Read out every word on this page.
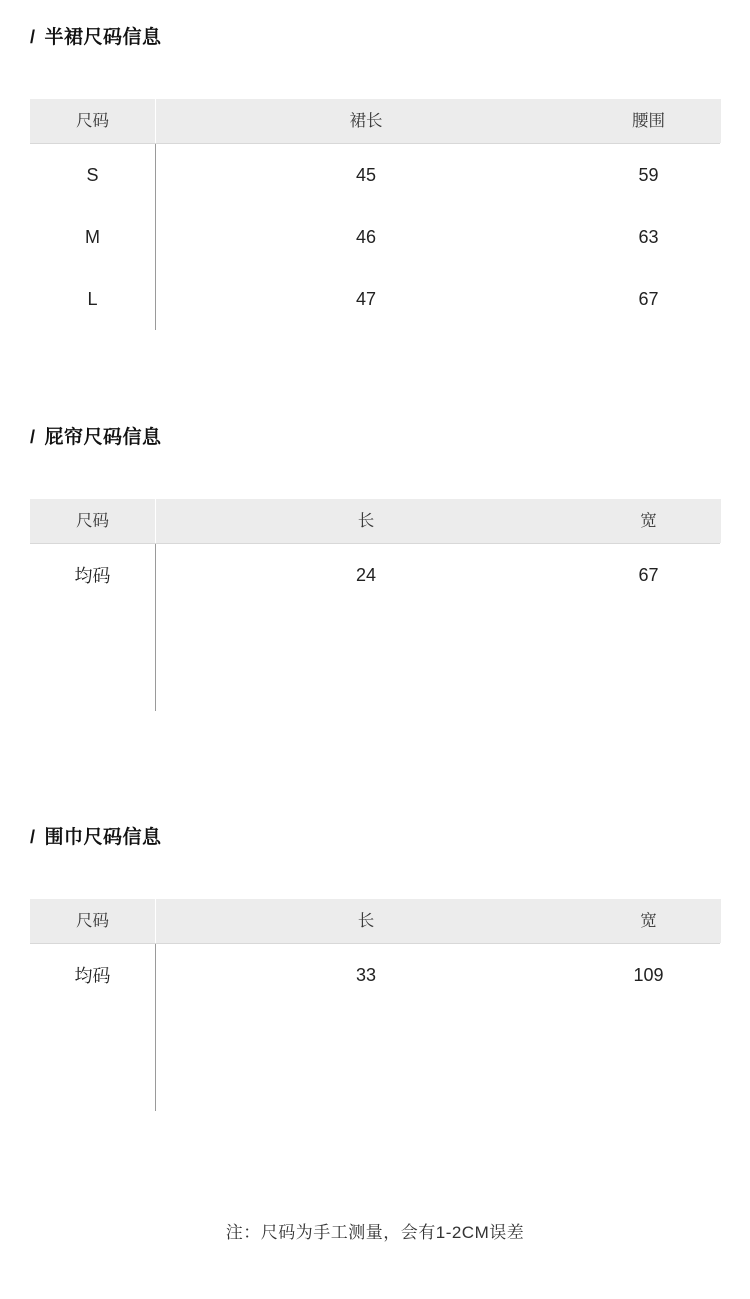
/ 半裙尺码信息
尺码	裙长	腰围
S	45	59
M	46	63
L	47	67
/ 屁帘尺码信息
尺码	长	宽
均码	24	67
/ 围巾尺码信息
尺码	长	宽
均码	33	109
注：尺码为手工测量，会有1-2CM误差
